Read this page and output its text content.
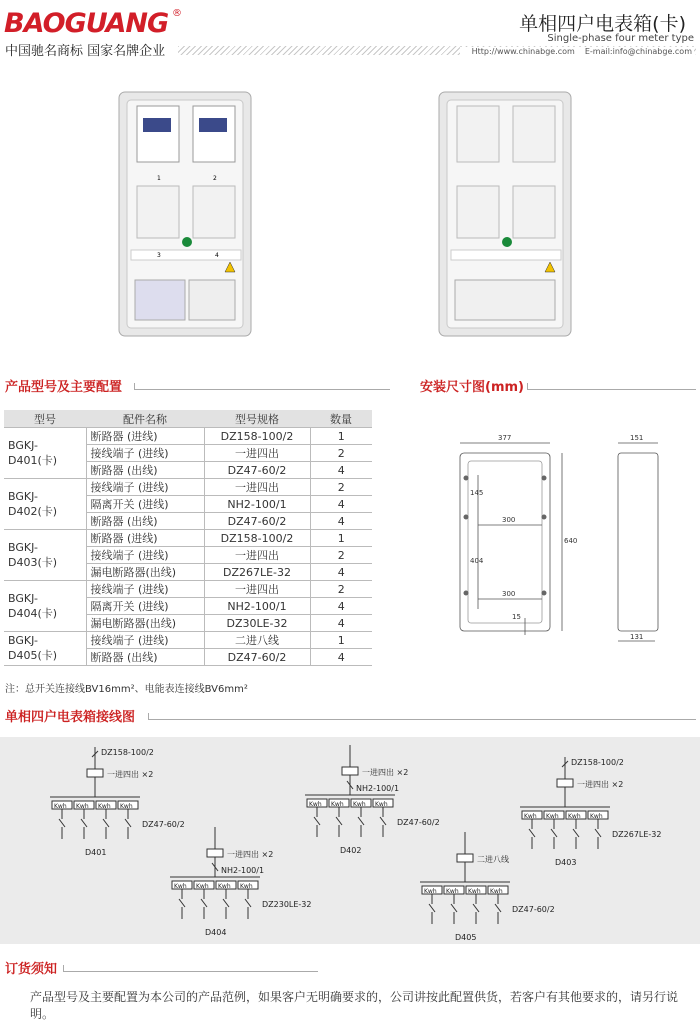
BAOGUANG ®
中国驰名商标 国家名牌企业
单相四户电表箱(卡)
Single-phase four meter type
Http://www.chinabge.com E-mail:info@chinabge.com
3	4
1	2
产品型号及主要配置	安装尺寸图(mm)
型号	配件名称	型号规格	数量
BGKJ-D401(卡)	断路器 (进线)	DZ158-100/2	1
	接线端子 (进线)	一进四出	2
	断路器 (出线)	DZ47-60/2	4
BGKJ-D402(卡)	接线端子 (进线)	一进四出	2
	隔离开关 (进线)	NH2-100/1	4
	断路器 (出线)	DZ47-60/2	4
BGKJ-D403(卡)	断路器 (进线)	DZ158-100/2	1
	接线端子 (进线)	一进四出	2
	漏电断路器(出线)	DZ267LE-32	4
BGKJ-D404(卡)	接线端子 (进线)	一进四出	2
	隔离开关 (进线)	NH2-100/1	4
	漏电断路器(出线)	DZ30LE-32	4
BGKJ-D405(卡)	接线端子 (进线)	二进八线	1
	断路器 (出线)	DZ47-60/2	4
注：总开关连接线BV16mm²、电能表连接线BV6mm²
377
640
145
404
300
300
15
151
131
单相四户电表箱接线图
DZ158-100/2
一进四出 ×2
Kwh Kwh Kwh Kwh
DZ47-60/2
D401
一进四出 ×2
NH2-100/1
Kwh Kwh Kwh Kwh
DZ47-60/2
D402
DZ158-100/2
一进四出 ×2
Kwh Kwh Kwh Kwh
DZ267LE-32
D403
一进四出 ×2
NH2-100/1
Kwh Kwh Kwh Kwh
DZ230LE-32
D404
二进八线
Kwh Kwh Kwh Kwh
DZ47-60/2
D405
订货须知
产品型号及主要配置为本公司的产品范例，如果客户无明确要求的，公司讲按此配置供货，若客户有其他要求的，请另行说明。
